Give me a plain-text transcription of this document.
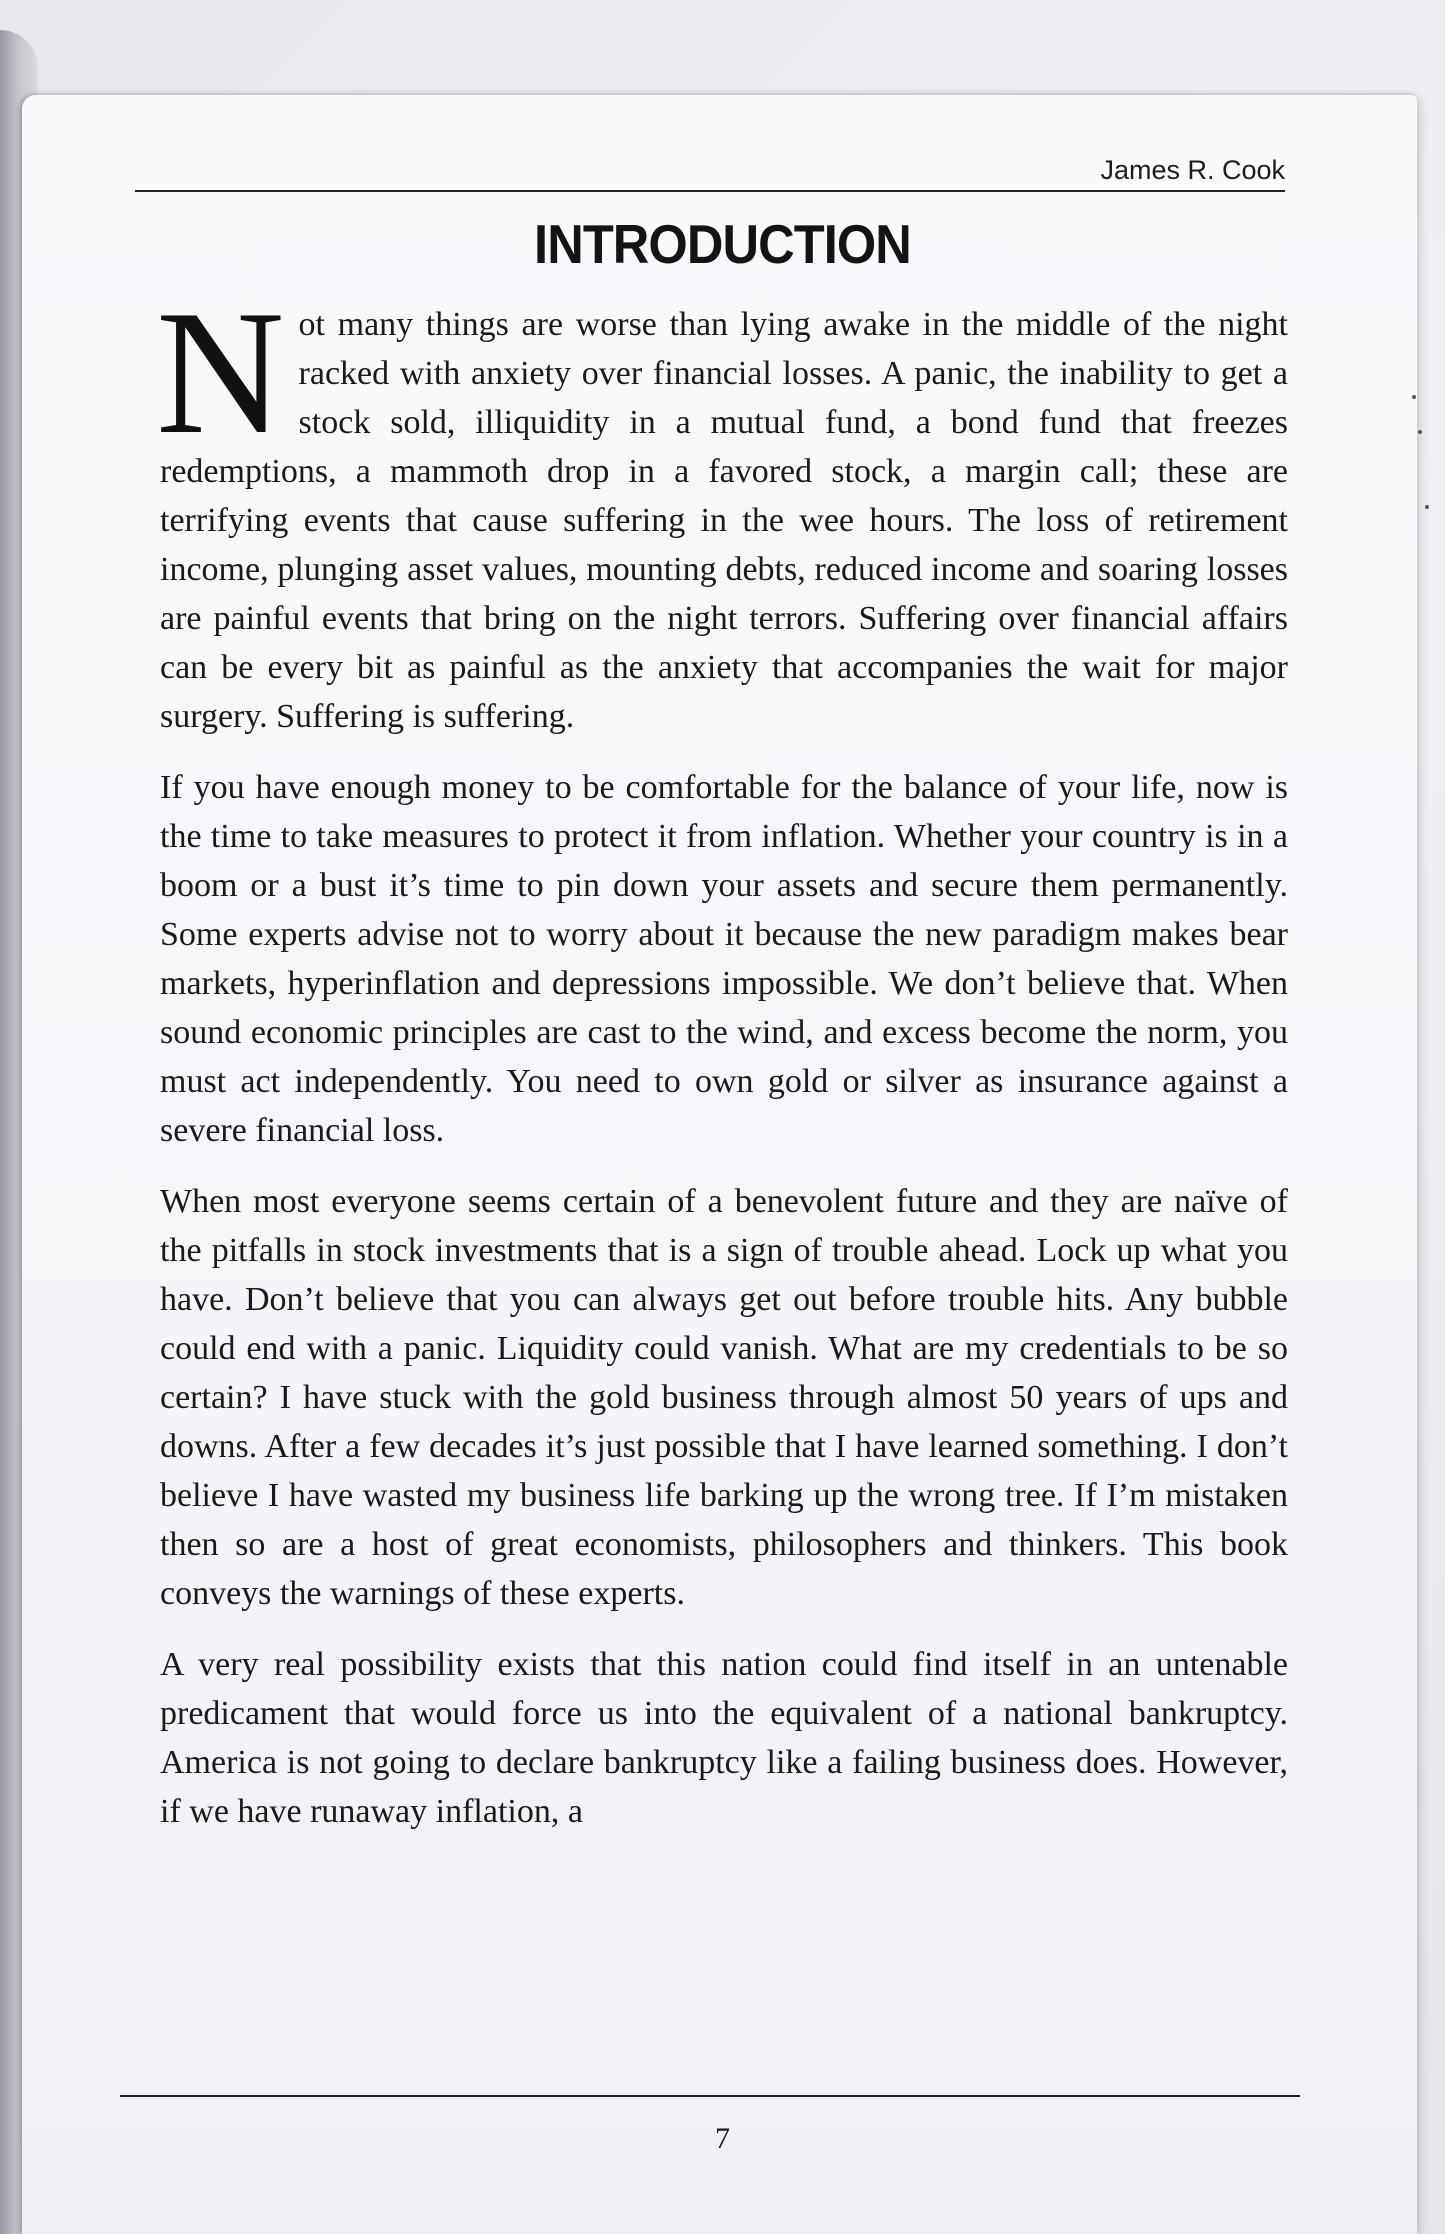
James R. Cook
INTRODUCTION

Not many things are worse than lying awake in the middle of the night racked with anxiety over financial losses. A panic, the inability to get a stock sold, illiquidity in a mutual fund, a bond fund that freezes redemptions, a mammoth drop in a favored stock, a margin call; these are terrifying events that cause suffering in the wee hours. The loss of retirement income, plunging asset values, mounting debts, reduced income and soaring losses are painful events that bring on the night terrors. Suffering over financial affairs can be every bit as painful as the anxiety that accompanies the wait for major surgery. Suffering is suffering.

If you have enough money to be comfortable for the balance of your life, now is the time to take measures to protect it from inflation. Whether your country is in a boom or a bust it’s time to pin down your assets and secure them permanently. Some experts advise not to worry about it because the new paradigm makes bear markets, hyperinflation and depressions impossible. We don’t believe that. When sound economic principles are cast to the wind, and excess become the norm, you must act independently. You need to own gold or silver as insurance against a severe financial loss.

When most everyone seems certain of a benevolent future and they are naïve of the pitfalls in stock investments that is a sign of trouble ahead. Lock up what you have. Don’t believe that you can always get out before trouble hits. Any bubble could end with a panic. Liquidity could vanish. What are my credentials to be so certain? I have stuck with the gold business through almost 50 years of ups and downs. After a few decades it’s just possible that I have learned something. I don’t believe I have wasted my business life barking up the wrong tree. If I’m mistaken then so are a host of great economists, philosophers and thinkers. This book conveys the warnings of these experts.

A very real possibility exists that this nation could find itself in an untenable predicament that would force us into the equivalent of a national bankruptcy. America is not going to declare bankruptcy like a failing business does. However, if we have runaway inflation, a

7
